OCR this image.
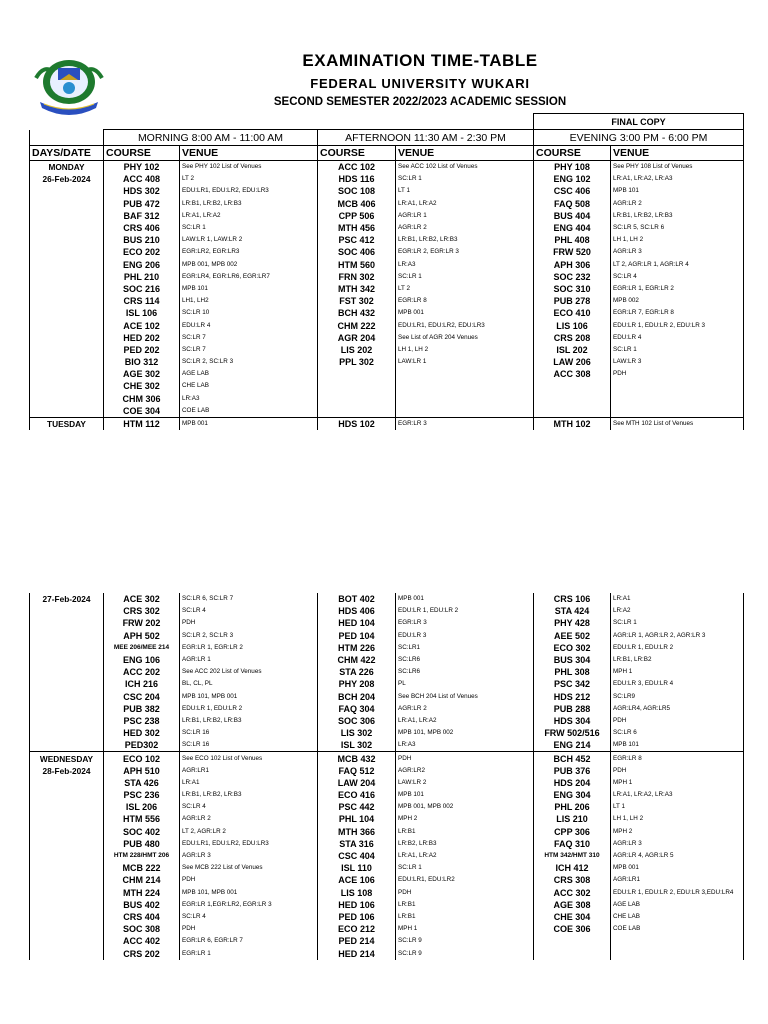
EXAMINATION TIME-TABLE
FEDERAL UNIVERSITY WUKARI
SECOND SEMESTER 2022/2023 ACADEMIC SESSION
					FINAL COPY	
	MORNING 8:00 AM - 11:00 AM		AFTERNOON 11:30 AM - 2:30 PM		EVENING 3:00 PM - 6:00 PM	
DAYS/DATE	COURSE	VENUE	COURSE	VENUE	COURSE	VENUE
MONDAY	PHY 102	See PHY 102 List of Venues	ACC 102	See ACC 102 List of Venues	PHY 108	See PHY 108 List of Venues
26-Feb-2024	ACC 408	LT 2	HDS 116	SC:LR 1	ENG 102	LR:A1, LR:A2, LR:A3
	HDS 302	EDU:LR1, EDU:LR2, EDU:LR3	SOC 108	LT 1	CSC 406	MPB 101
	PUB 472	LR:B1, LR:B2, LR:B3	MCB 406	LR:A1, LR:A2	FAQ 508	AGR:LR 2
	BAF 312	LR:A1, LR:A2	CPP 506	AGR:LR 1	BUS 404	LR:B1, LR:B2, LR:B3
	CRS 406	SC:LR 1	MTH 456	AGR:LR 2	ENG 404	SC:LR 5, SC:LR 6
	BUS 210	LAW:LR 1, LAW:LR 2	PSC 412	LR:B1, LR:B2, LR:B3	PHL 408	LH 1, LH 2
	ECO 202	EGR:LR2, EGR:LR3	SOC 406	EGR:LR 2, EGR:LR 3	FRW 520	AGR:LR 3
	ENG 206	MPB 001, MPB 002	HTM 560	LR:A3	APH 306	LT 2, AGR:LR 1, AGR:LR 4
	PHL 210	EGR:LR4, EGR:LR6, EGR:LR7	FRN 302	SC:LR 1	SOC 232	SC:LR 4
	SOC 216	MPB 101	MTH 342	LT 2	SOC 310	EGR:LR 1, EGR:LR 2
	CRS 114	LH1, LH2	FST 302	EGR:LR 8	PUB 278	MPB 002
	ISL 106	SC:LR 10	BCH 432	MPB 001	ECO 410	EGR:LR 7, EGR:LR 8
	ACE 102	EDU:LR 4	CHM 222	EDU:LR1, EDU:LR2, EDU:LR3	LIS 106	EDU:LR 1, EDU:LR 2, EDU:LR 3
	HED 202	SC:LR 7	AGR 204	See List of AGR 204 Venues	CRS 208	EDU:LR 4
	PED 202	SC:LR 7	LIS 202	LH 1, LH 2	ISL 202	SC:LR 1
	BIO 312	SC:LR 2, SC:LR 3	PPL 302	LAW:LR 1	LAW 206	LAW:LR 3
	AGE 302	AGE LAB			ACC 308	PDH
	CHE 302	CHE LAB				
	CHM 306	LR:A3				
	COE 304	COE LAB				
TUESDAY	HTM 112	MPB 001	HDS 102	EGR:LR 3	MTH 102	See MTH 102 List of Venues
27-Feb-2024	ACE 302	SC:LR 6, SC:LR 7	BOT 402	MPB 001	CRS 106	LR:A1
	CRS 302	SC:LR 4	HDS 406	EDU:LR 1, EDU:LR 2	STA 424	LR:A2
	FRW 202	PDH	HED 104	EGR:LR 3	PHY 428	SC:LR 1
	APH 502	SC:LR 2, SC:LR 3	PED 104	EDU:LR 3	AEE 502	AGR:LR 1, AGR:LR 2, AGR:LR 3
	MEE 206/MEE 214	EGR:LR 1, EGR:LR 2	HTM 226	SC:LR1	ECO 302	EDU:LR 1, EDU:LR 2
	ENG 106	AGR:LR 1	CHM 422	SC:LR6	BUS 304	LR:B1, LR:B2
	ACC 202	See ACC 202 List of Venues	STA 226	SC:LR6	PHL 308	MPH 1
	ICH 216	BL, CL, PL	PHY 208	PL	PSC 342	EDU:LR 3, EDU:LR 4
	CSC 204	MPB 101, MPB 001	BCH 204	See BCH 204 List of Venues	HDS 212	SC:LR9
	PUB 382	EDU:LR 1, EDU:LR 2	FAQ 304	AGR:LR 2	PUB 288	AGR:LR4, AGR:LR5
	PSC 238	LR:B1, LR:B2, LR:B3	SOC 306	LR:A1, LR:A2	HDS 304	PDH
	HED 302	SC:LR 16	LIS 302	MPB 101, MPB 002	FRW 502/516	SC:LR 6
	PED302	SC:LR 16	ISL 302	LR:A3	ENG 214	MPB 101
WEDNESDAY	ECO 102	See ECO 102 List of Venues	MCB 432	PDH	BCH 452	EGR:LR 8
28-Feb-2024	APH 510	AGR:LR1	FAQ 512	AGR:LR2	PUB 376	PDH
	STA 426	LR:A1	LAW 204	LAW:LR 2	HDS 204	MPH 1
	PSC 236	LR:B1, LR:B2, LR:B3	ECO 416	MPB 101	ENG 304	LR:A1, LR:A2, LR:A3
	ISL 206	SC:LR 4	PSC 442	MPB 001, MPB 002	PHL 206	LT 1
	HTM 556	AGR:LR 2	PHL 104	MPH 2	LIS 210	LH 1, LH 2
	SOC 402	LT 2, AGR:LR 2	MTH 366	LR:B1	CPP 306	MPH 2
	PUB 480	EDU:LR1, EDU:LR2, EDU:LR3	STA 316	LR:B2, LR:B3	FAQ 310	AGR:LR 3
	HTM 228/HMT 206	AGR:LR 3	CSC 404	LR:A1, LR:A2	HTM 342/HMT 310	AGR:LR 4, AGR:LR 5
	MCB 222	See MCB 222 List of Venues	ISL 110	SC:LR 1	ICH 412	MPB 001
	CHM 214	PDH	ACE 106	EDU:LR1, EDU:LR2	CRS 308	AGR:LR1
	MTH 224	MPB 101, MPB 001	LIS 108	PDH	ACC 302	EDU:LR 1, EDU:LR 2, EDU:LR 3,EDU:LR4
	BUS 402	EGR:LR 1,EGR:LR2, EGR:LR 3	HED 106	LR:B1	AGE 308	AGE LAB
	CRS 404	SC:LR 4	PED 106	LR:B1	CHE 304	CHE LAB
	SOC 308	PDH	ECO 212	MPH 1	COE 306	COE LAB
	ACC 402	EGR:LR 6, EGR:LR 7	PED 214	SC:LR 9		
	CRS 202	EGR:LR 1	HED 214	SC:LR 9		
